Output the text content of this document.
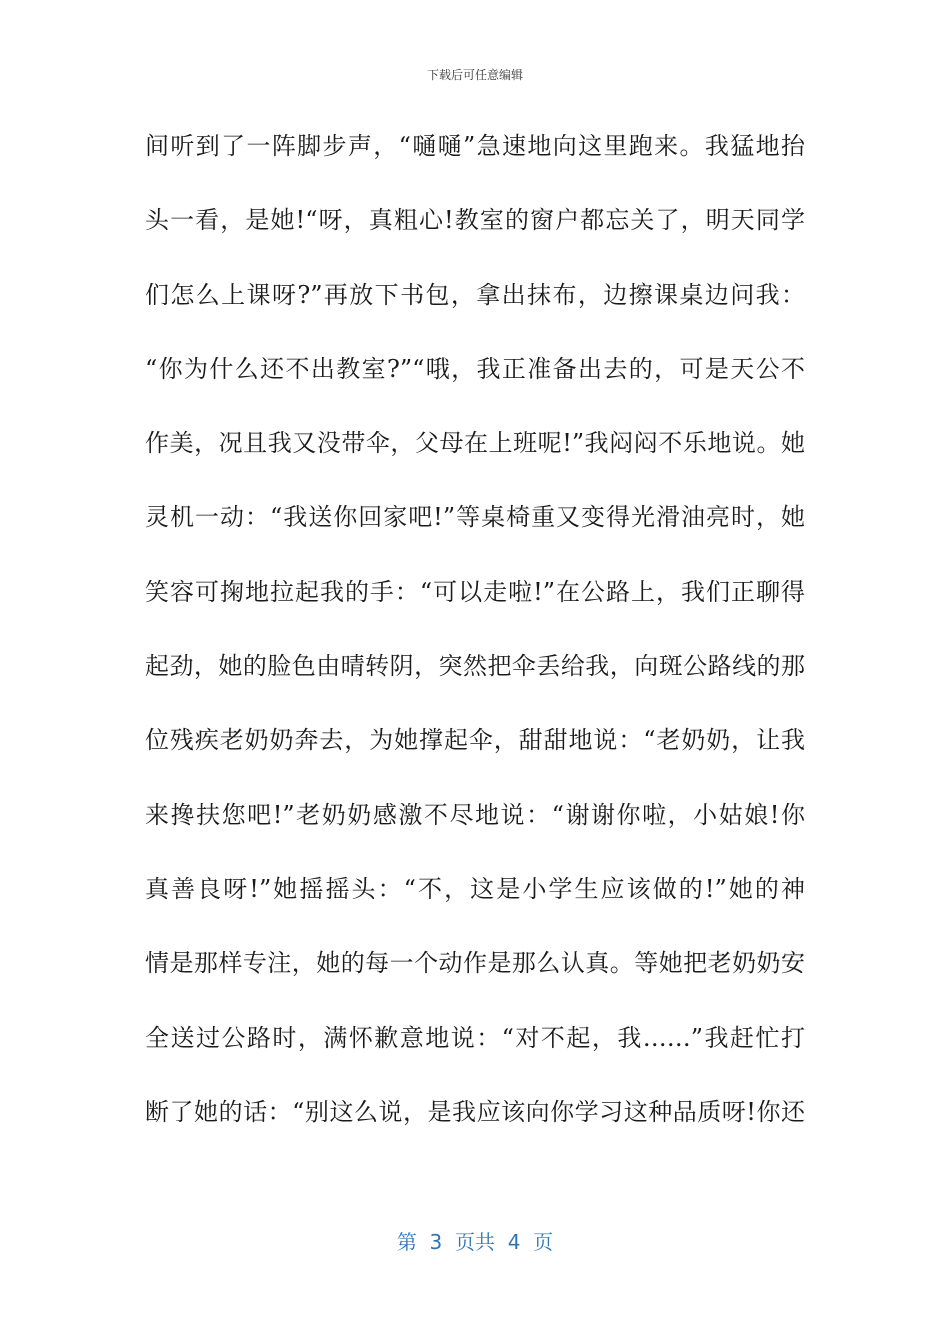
下载后可任意编辑
间听到了一阵脚步声，“嗵嗵”急速地向这里跑来。我猛地抬
头一看，是她!“呀，真粗心!教室的窗户都忘关了，明天同学
们怎么上课呀?”再放下书包，拿出抹布，边擦课桌边问我：
“你为什么还不出教室?”“哦，我正准备出去的，可是天公不
作美，况且我又没带伞，父母在上班呢!”我闷闷不乐地说。她
灵机一动：“我送你回家吧!”等桌椅重又变得光滑油亮时，她
笑容可掬地拉起我的手：“可以走啦!”在公路上，我们正聊得
起劲，她的脸色由晴转阴，突然把伞丢给我，向斑公路线的那
位残疾老奶奶奔去，为她撑起伞，甜甜地说：“老奶奶，让我
来搀扶您吧!”老奶奶感激不尽地说：“谢谢你啦，小姑娘!你
真善良呀!”她摇摇头：“不，这是小学生应该做的!”她的神
情是那样专注，她的每一个动作是那么认真。等她把老奶奶安
全送过公路时，满怀歉意地说：“对不起，我……”我赶忙打
断了她的话：“别这么说，是我应该向你学习这种品质呀!你还
第  3  页共  4  页
